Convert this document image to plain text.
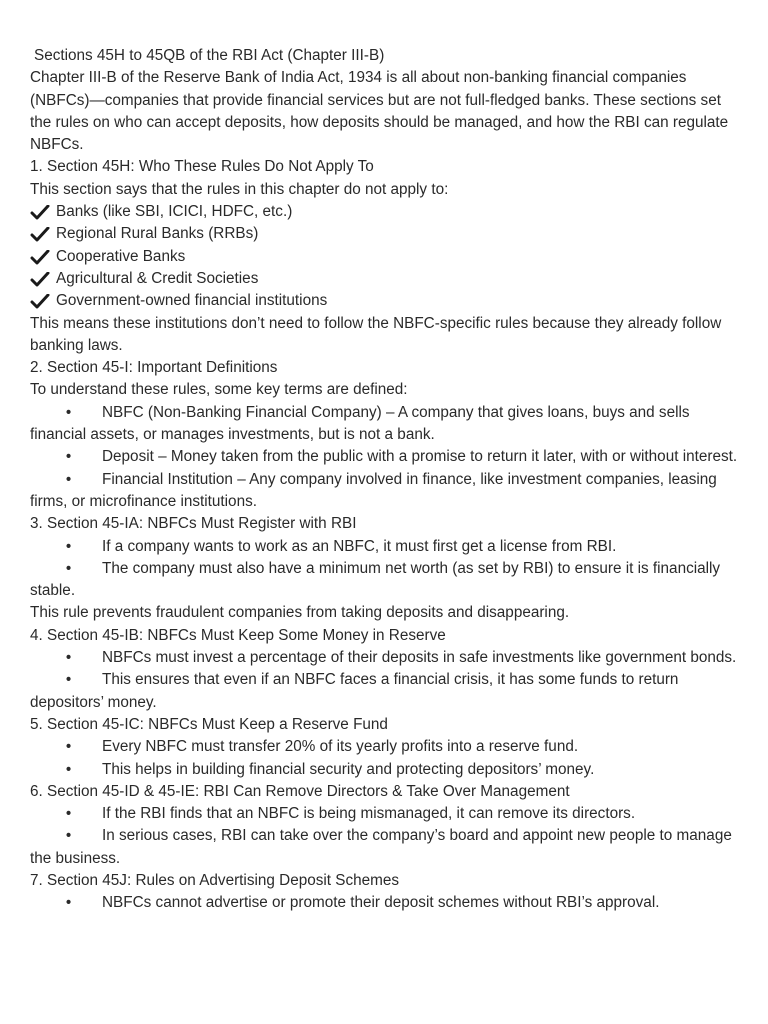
Sections 45H to 45QB of the RBI Act (Chapter III-B)

Chapter III-B of the Reserve Bank of India Act, 1934 is all about non-banking financial companies (NBFCs)—companies that provide financial services but are not full-fledged banks. These sections set the rules on who can accept deposits, how deposits should be managed, and how the RBI can regulate NBFCs.

1. Section 45H: Who These Rules Do Not Apply To

This section says that the rules in this chapter do not apply to:

Banks (like SBI, ICICI, HDFC, etc.)
Regional Rural Banks (RRBs)
Cooperative Banks
Agricultural & Credit Societies
Government-owned financial institutions

This means these institutions don’t need to follow the NBFC-specific rules because they already follow banking laws.

2. Section 45-I: Important Definitions

To understand these rules, some key terms are defined:

• NBFC (Non-Banking Financial Company) – A company that gives loans, buys and sells financial assets, or manages investments, but is not a bank.

• Deposit – Money taken from the public with a promise to return it later, with or without interest.

• Financial Institution – Any company involved in finance, like investment companies, leasing firms, or microfinance institutions.

3. Section 45-IA: NBFCs Must Register with RBI

• If a company wants to work as an NBFC, it must first get a license from RBI.

• The company must also have a minimum net worth (as set by RBI) to ensure it is financially stable.

This rule prevents fraudulent companies from taking deposits and disappearing.

4. Section 45-IB: NBFCs Must Keep Some Money in Reserve

• NBFCs must invest a percentage of their deposits in safe investments like government bonds.

• This ensures that even if an NBFC faces a financial crisis, it has some funds to return depositors’ money.

5. Section 45-IC: NBFCs Must Keep a Reserve Fund

• Every NBFC must transfer 20% of its yearly profits into a reserve fund.

• This helps in building financial security and protecting depositors’ money.

6. Section 45-ID & 45-IE: RBI Can Remove Directors & Take Over Management

• If the RBI finds that an NBFC is being mismanaged, it can remove its directors.

• In serious cases, RBI can take over the company’s board and appoint new people to manage the business.

7. Section 45J: Rules on Advertising Deposit Schemes

• NBFCs cannot advertise or promote their deposit schemes without RBI’s approval.
